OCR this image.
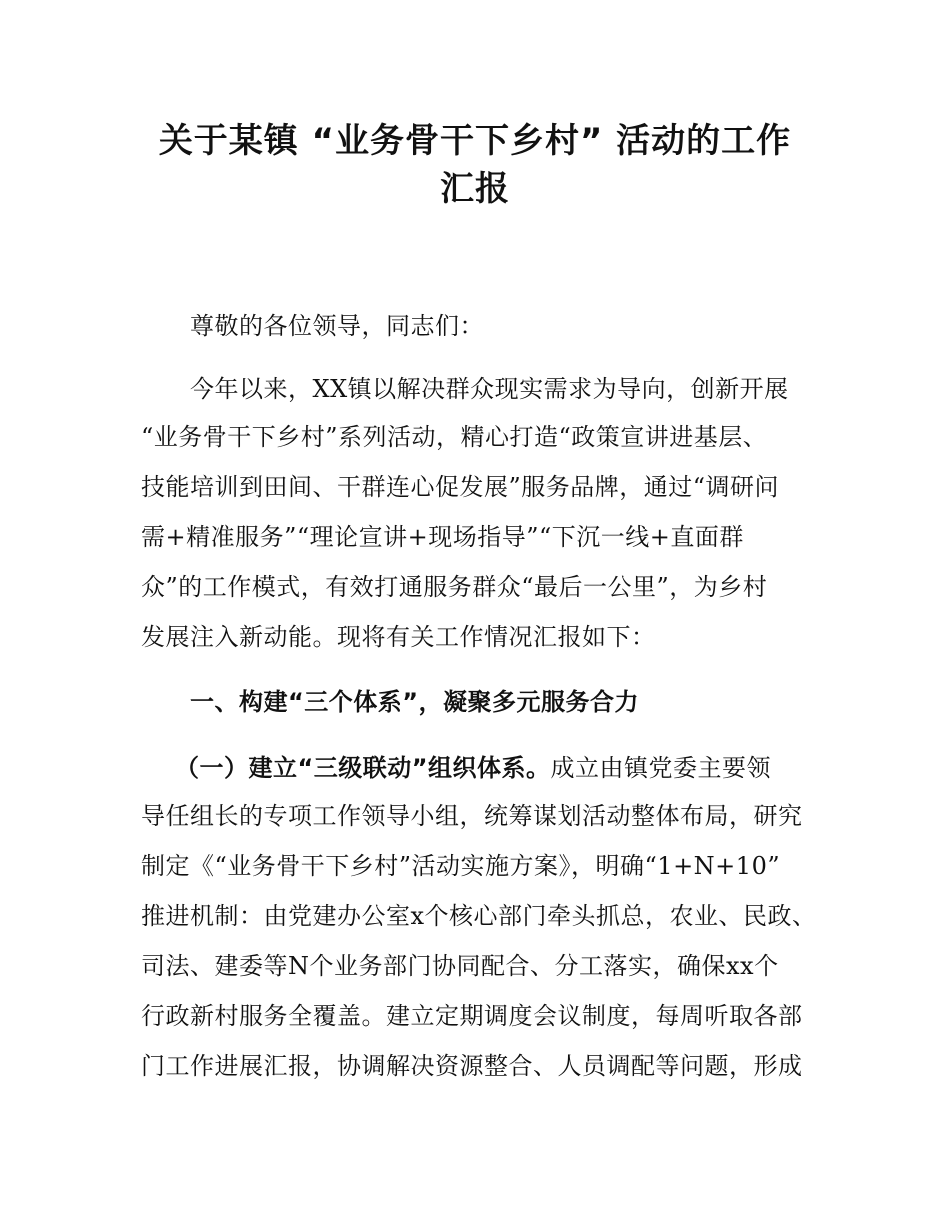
关于某镇 “业务骨干下乡村” 活动的工作
汇报
尊敬的各位领导，同志们：
今年以来，XX镇以解决群众现实需求为导向，创新开展
“业务骨干下乡村”系列活动，精心打造“政策宣讲进基层、
技能培训到田间、干群连心促发展”服务品牌，通过“调研问
需+精准服务”“理论宣讲+现场指导”“下沉一线+直面群
众”的工作模式，有效打通服务群众“最后一公里”，为乡村
发展注入新动能。现将有关工作情况汇报如下：
一、构建“三个体系”，凝聚多元服务合力
（一）建立“三级联动”组织体系。成立由镇党委主要领
导任组长的专项工作领导小组，统筹谋划活动整体布局，研究
制定《“业务骨干下乡村”活动实施方案》，明确“1+N+10”
推进机制：由党建办公室x个核心部门牵头抓总，农业、民政、
司法、建委等N个业务部门协同配合、分工落实，确保xx个
行政新村服务全覆盖。建立定期调度会议制度，每周听取各部
门工作进展汇报，协调解决资源整合、人员调配等问题，形成
